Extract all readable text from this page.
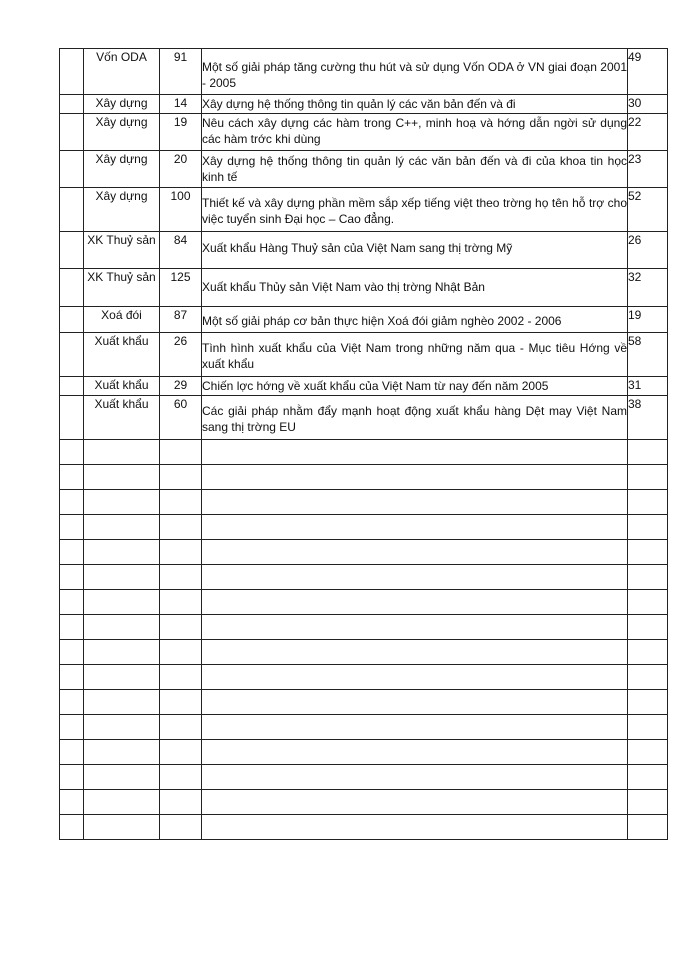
	Vốn ODA	91	Một số giải pháp tăng cường thu hút và sử dụng Vốn ODA ở VN giai đoạn 2001 - 2005	49
	Xây dựng	14	Xây dựng hệ thống thông tin quản lý các văn bản đến và đi	30
	Xây dựng	19	Nêu cách xây dựng các hàm trong C++, minh hoạ và hớng dẫn ngời sử dụng các hàm trớc khi dùng	22
	Xây dựng	20	Xây dựng hệ thống thông tin quản lý các văn bản đến và đi của khoa tin học kinh tế	23
	Xây dựng	100	Thiết kế và xây dựng phần mềm sắp xếp tiếng việt theo trờng họ tên hỗ trợ cho việc tuyển sinh Đại học – Cao đẳng.	52
	XK Thuỷ sản	84	Xuất khẩu Hàng Thuỷ sản của Việt Nam sang thị trờng Mỹ	26
	XK Thuỷ sản	125	Xuất khẩu Thủy sản Việt Nam vào thị trờng Nhật Bản	32
	Xoá đói	87	Một số giải pháp cơ bản thực hiện Xoá đói giảm nghèo 2002 - 2006	19
	Xuất khẩu	26	Tình hình xuất khẩu của Việt Nam trong những năm qua - Mục tiêu Hớng về xuất khẩu	58
	Xuất khẩu	29	Chiến lợc hớng về xuất khẩu của Việt Nam từ nay đến năm 2005	31
	Xuất khẩu	60	Các giải pháp nhằm đẩy mạnh hoạt động xuất khẩu hàng Dệt may Việt Nam sang thị trờng EU	38
